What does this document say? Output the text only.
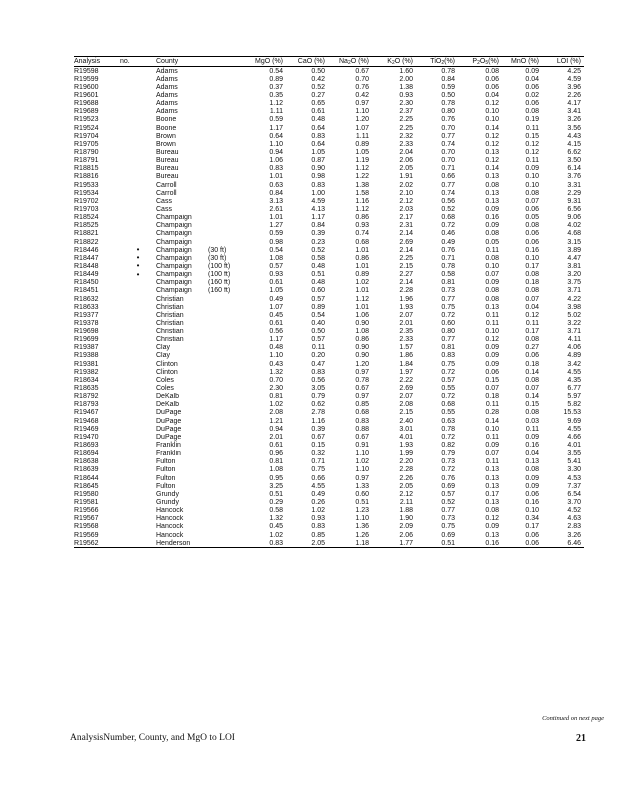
Analysis	no.	County		MgO (%)	CaO (%)	$Na_2O$ (%)	$K_2O$ (%)	TiO$_2$(%)	$P_2O_5(\%)$	MnO (%)	LOI (%)
R19598		Adams		0.54	0.50	0.67	1.60	0.78	0.08	0.09	4.25
R19599		Adams		0.89	0.42	0.70	2.00	0.84	0.06	0.04	4.59
R19600		Adams		0.37	0.52	0.76	1.38	0.59	0.06	0.06	3.96
R19601		Adams		0.35	0.27	0.42	0.93	0.50	0.04	0.02	2.26
R19688		Adams		1.12	0.65	0.97	2.30	0.78	0.12	0.06	4.17
R19689		Adams		1.11	0.61	1.10	2.37	0.80	0.10	0.08	3.41
R19523		Boone		0.59	0.48	1.20	2.25	0.76	0.10	0.19	3.26
R19524		Boone		1.17	0.64	1.07	2.25	0.70	0.14	0.11	3.56
R19704		Brown		0.64	0.83	1.11	2.32	0.77	0.12	0.15	4.43
R19705		Brown		1.10	0.64	0.89	2.33	0.74	0.12	0.12	4.15
R18790		Bureau		0.94	1.05	1.05	2.04	0.70	0.13	0.12	6.62
R18791		Bureau		1.06	0.87	1.19	2.06	0.70	0.12	0.11	3.50
R18815		Bureau		0.83	0.90	1.12	2.05	0.71	0.14	0.09	6.14
R18816		Bureau		1.01	0.98	1.22	1.91	0.66	0.13	0.10	3.76
R19533		Carroll		0.63	0.83	1.38	2.02	0.77	0.08	0.10	3.31
R19534		Carroll		0.84	1.00	1.58	2.10	0.74	0.13	0.08	2.29
R19702		Cass		3.13	4.59	1.16	2.12	0.56	0.13	0.07	9.31
R19703		Cass		2.61	4.13	1.12	2.03	0.52	0.09	0.06	6.56
R18524		Champaign		1.01	1.17	0.86	2.17	0.68	0.16	0.05	9.06
R18525		Champaign		1.27	0.84	0.93	2.31	0.72	0.09	0.08	4.02
R18821		Champaign		0.59	0.39	0.74	2.14	0.46	0.08	0.06	4.68
R18822		Champaign		0.98	0.23	0.68	2.69	0.49	0.05	0.06	3.15
R18446	•	Champaign	(30 ft)	0.54	0.52	1.01	2.14	0.76	0.11	0.16	3.89
R18447	•	Champaign	(30 ft)	1.08	0.58	0.86	2.25	0.71	0.08	0.10	4.47
R18448	•	Champaign	(100 ft)	0.57	0.48	1.01	2.15	0.78	0.10	0.17	3.81
R18449	•	Champaign	(100 ft)	0.93	0.51	0.89	2.27	0.58	0.07	0.08	3.20
R18450		Champaign	(160 ft)	0.61	0.48	1.02	2.14	0.81	0.09	0.18	3.75
R18451		Champaign	(160 ft)	1.05	0.60	1.01	2.28	0.73	0.08	0.08	3.71
R18632		Christian		0.49	0.57	1.12	1.96	0.77	0.08	0.07	4.22
R18633		Christian		1.07	0.89	1.01	1.93	0.75	0.13	0.04	3.98
R19377		Christian		0.45	0.54	1.06	2.07	0.72	0.11	0.12	5.02
R19378		Christian		0.61	0.40	0.90	2.01	0.60	0.11	0.11	3.22
R19698		Christian		0.56	0.50	1.08	2.35	0.80	0.10	0.17	3.71
R19699		Christian		1.17	0.57	0.86	2.33	0.77	0.12	0.08	4.11
R19387		Clay		0.48	0.11	0.90	1.57	0.81	0.09	0.27	4.06
R19388		Clay		1.10	0.20	0.90	1.86	0.83	0.09	0.06	4.89
R19381		Clinton		0.43	0.47	1.20	1.84	0.75	0.09	0.18	3.42
R19382		Clinton		1.32	0.83	0.97	1.97	0.72	0.06	0.14	4.55
R18634		Coles		0.70	0.56	0.78	2.22	0.57	0.15	0.08	4.35
R18635		Coles		2.30	3.05	0.67	2.69	0.55	0.07	0.07	6.77
R18792		DeKalb		0.81	0.79	0.97	2.07	0.72	0.18	0.14	5.97
R18793		DeKalb		1.02	0.62	0.85	2.08	0.68	0.11	0.15	5.82
R19467		DuPage		2.08	2.78	0.68	2.15	0.55	0.28	0.08	15.53
R19468		DuPage		1.21	1.16	0.83	2.40	0.63	0.14	0.03	9.69
R19469		DuPage		0.94	0.39	0.88	3.01	0.78	0.10	0.11	4.55
R19470		DuPage		2.01	0.67	0.67	4.01	0.72	0.11	0.09	4.66
R18693		Franklin		0.61	0.15	0.91	1.93	0.82	0.09	0.16	4.01
R18694		Franklin		0.96	0.32	1.10	1.99	0.79	0.07	0.04	3.55
R18638		Fulton		0.81	0.71	1.02	2.20	0.73	0.11	0.13	5.41
R18639		Fulton		1.08	0.75	1.10	2.28	0.72	0.13	0.08	3.30
R18644		Fulton		0.95	0.66	0.97	2.26	0.76	0.13	0.09	4.53
R18645		Fulton		3.25	4.55	1.33	2.05	0.69	0.13	0.09	7.37
R19580		Grundy		0.51	0.49	0.60	2.12	0.57	0.17	0.06	6.54
R19581		Grundy		0.29	0.26	0.51	2.11	0.52	0.13	0.16	3.70
R19566		Hancock		0.58	1.02	1.23	1.88	0.77	0.08	0.10	4.52
R19567		Hancock		1.32	0.93	1.10	1.90	0.73	0.12	0.34	4.63
R19568		Hancock		0.45	0.83	1.36	2.09	0.75	0.09	0.17	2.83
R19569		Hancock		1.02	0.85	1.26	2.06	0.69	0.13	0.06	3.26
R19562		Henderson		0.83	2.05	1.18	1.77	0.51	0.16	0.06	6.46
Continued on next page
AnalysisNumber, County, and MgO to LOI	21
